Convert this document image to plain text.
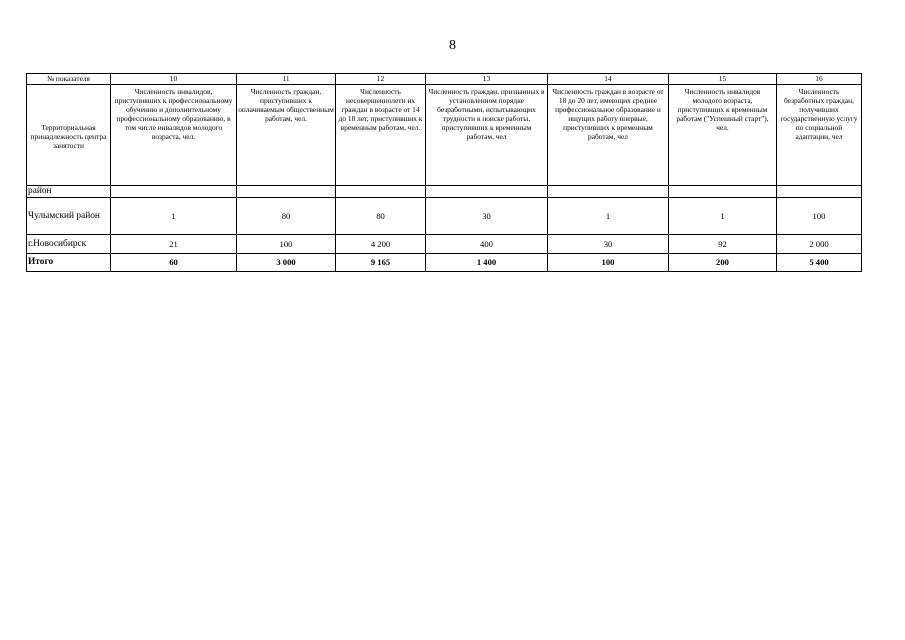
8
№ показателя	10	11	12	13	14	15	16
Территориальная принадлежность центра занятости	Численность инвалидов, приступивших к профессиональному обучению и дополнительному профессиональному образованию, в том числе инвалидов молодого возраста, чел.	Численность граждан, приступивших к оплачиваемым общественным работам, чел.	Численность несовершеннолетн их граждан в возрасте от 14 до 18 лет, приступивших к временным работам, чел.	Численность граждан, признанных в установленном порядке безработными, испытывающих трудности в поиске работы, приступивших к временным работам, чел	Численность граждан в возрасте от 18 до 20 лет, имеющих среднее профессиональное образование и ищущих работу впервые, приступивших к временным работам, чел	Численность инвалидов молодого возраста, приступивших к временным работам ("Успешный старт"), чел.	Численность безработных граждан, получивших государственную услугу по социальной адаптации, чел
район							
Чулымский район	1	80	80	30	1	1	100
г.Новосибирск	21	100	4 200	400	30	92	2 000
Итого	60	3 000	9 165	1 400	100	200	5 400
